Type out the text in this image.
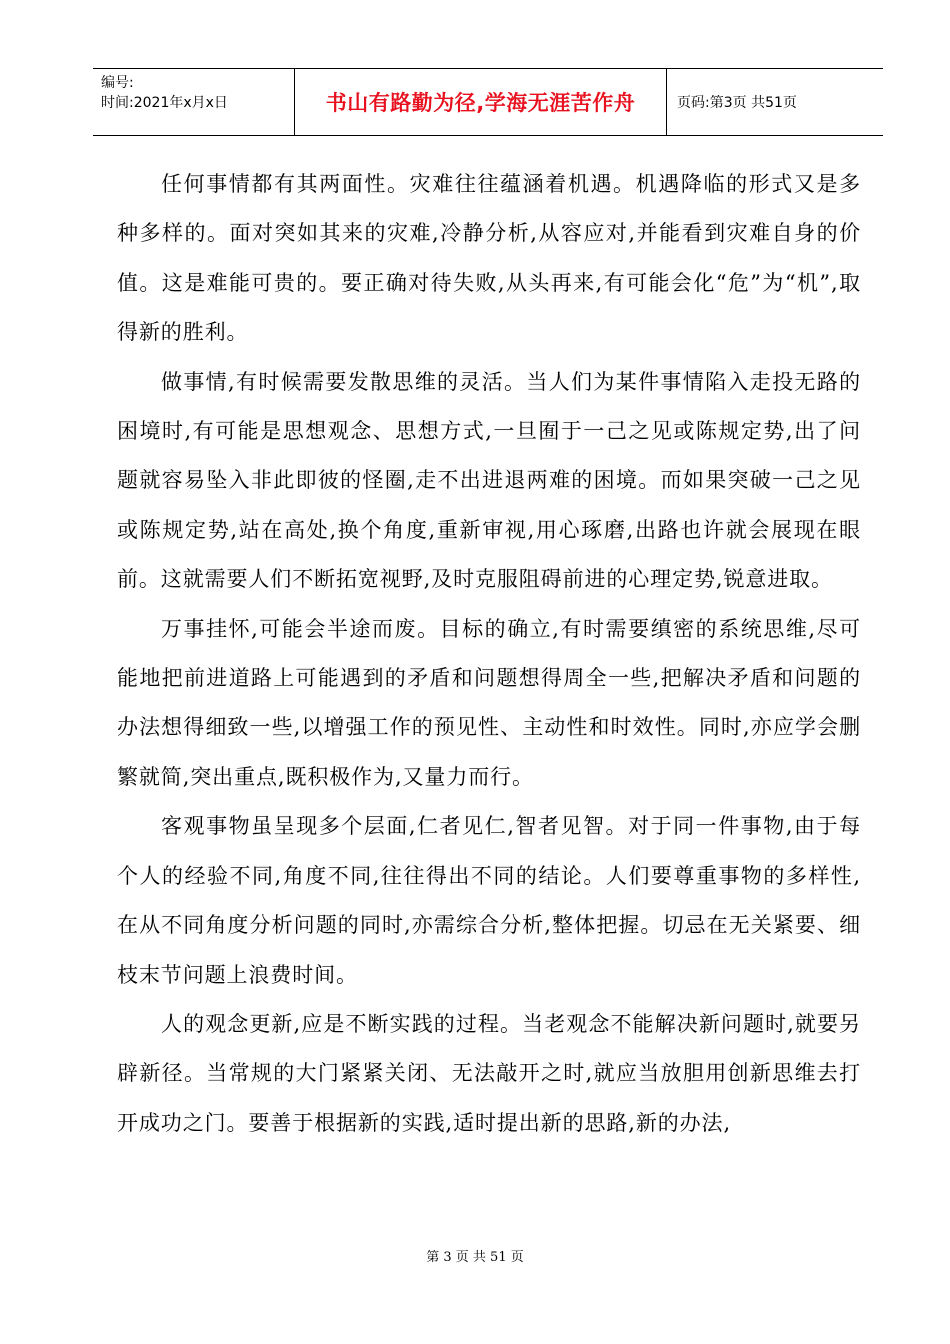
编号:
时间:2021年x月x日	书山有路勤为径,学海无涯苦作舟	页码:第3页 共51页

任何事情都有其两面性。灾难往往蕴涵着机遇。机遇降临的形式又是多种多样的。面对突如其来的灾难,冷静分析,从容应对,并能看到灾难自身的价值。这是难能可贵的。要正确对待失败,从头再来,有可能会化“危”为“机”,取得新的胜利。

做事情,有时候需要发散思维的灵活。当人们为某件事情陷入走投无路的困境时,有可能是思想观念、思想方式,一旦囿于一己之见或陈规定势,出了问题就容易坠入非此即彼的怪圈,走不出进退两难的困境。而如果突破一己之见或陈规定势,站在高处,换个角度,重新审视,用心琢磨,出路也许就会展现在眼前。这就需要人们不断拓宽视野,及时克服阻碍前进的心理定势,锐意进取。

万事挂怀,可能会半途而废。目标的确立,有时需要缜密的系统思维,尽可能地把前进道路上可能遇到的矛盾和问题想得周全一些,把解决矛盾和问题的办法想得细致一些,以增强工作的预见性、主动性和时效性。同时,亦应学会删繁就简,突出重点,既积极作为,又量力而行。

客观事物虽呈现多个层面,仁者见仁,智者见智。对于同一件事物,由于每个人的经验不同,角度不同,往往得出不同的结论。人们要尊重事物的多样性,在从不同角度分析问题的同时,亦需综合分析,整体把握。切忌在无关紧要、细枝末节问题上浪费时间。

人的观念更新,应是不断实践的过程。当老观念不能解决新问题时,就要另辟新径。当常规的大门紧紧关闭、无法敲开之时,就应当放胆用创新思维去打开成功之门。要善于根据新的实践,适时提出新的思路,新的办法,

第 3 页 共 51 页
